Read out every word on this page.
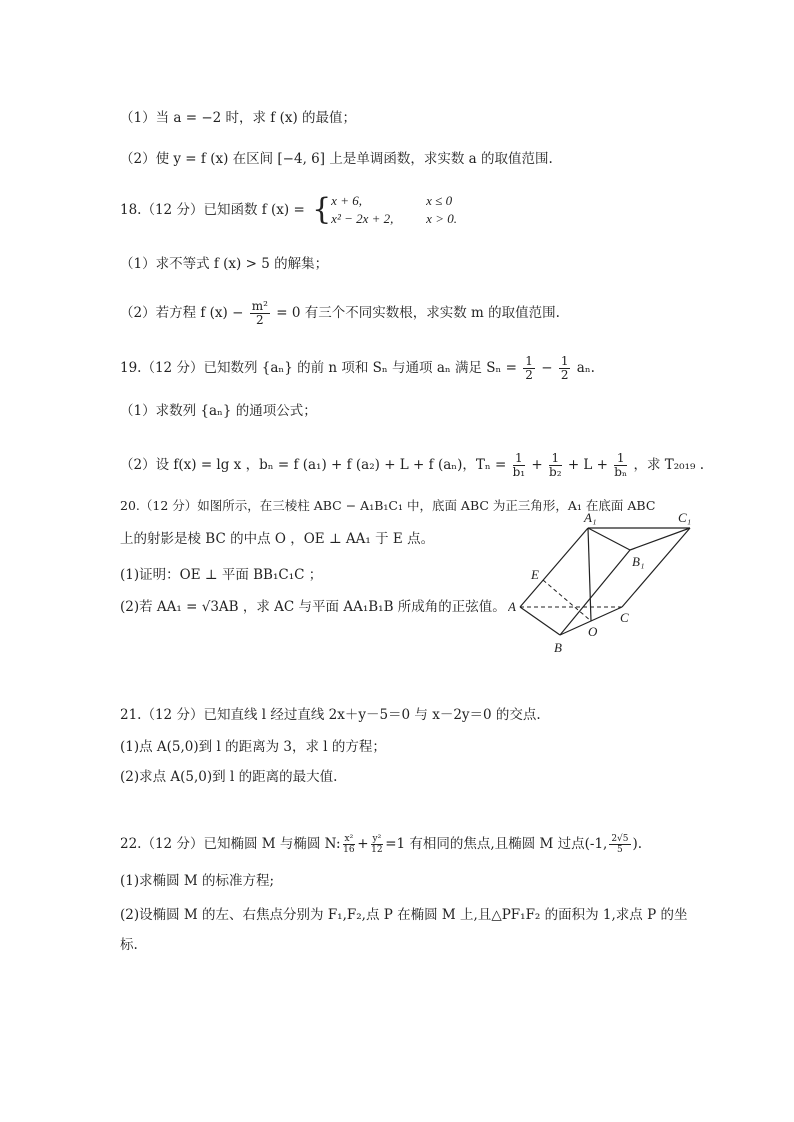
（1）当 a = −2 时，求 f (x) 的最值；
（2）使 y = f (x) 在区间 [−4, 6] 上是单调函数，求实数 a 的取值范围.
18.（12 分）已知函数 f (x) = { x + 6,	x ≤ 0
x² − 2x + 2,	x > 0.
（1）求不等式 f (x) > 5 的解集；
（2）若方程 f $(x) - \frac{\text{m²}}{2} = 0$ 有三个不同实数根，求实数 m 的取值范围.
19.（12 分）已知数列 {aₙ} 的前 n 项和 Sₙ 与通项 aₙ 满足 $S_n = \frac{1}{2} - \frac{1}{2} a_n$.
（1）求数列 {aₙ} 的通项公式；
（2）设 f(x) = lg x ，bₙ = f (a₁) + f (a₂) + L + f (aₙ)，$T_n = \frac{1}{\text{b₁}} + \frac{1}{\text{b₂}} + L + \frac{1}{\text{bₙ}}$ ，求 T₂₀₁₉ .
20.（12 分）如图所示，在三棱柱 ABC − A₁B₁C₁ 中，底面 ABC 为正三角形，A₁ 在底面 ABC
上的射影是棱 BC 的中点 O ，OE ⊥ AA₁ 于 E 点。
(1)证明：OE ⊥ 平面 BB₁C₁C ；
(2)若 AA₁ = √3AB ，求 AC 与平面 AA₁B₁B 所成角的正弦值。
A₁	C₁
B₁
E
A
O
C
B
21.（12 分）已知直线 l 经过直线 2x＋y－5＝0 与 x－2y＝0 的交点.
(1)点 A(5,0)到 l 的距离为 3，求 l 的方程；
(2)求点 A(5,0)到 l 的距离的最大值.
22.（12 分）已知椭圆 M 与椭圆 N: $\frac{\text{x²}}{16} + \frac{\text{y²}}{12} =1$ 有相同的焦点,且椭圆 M 过点(-1, $\frac{2√5}{5}$ ).
(1)求椭圆 M 的标准方程;
(2)设椭圆 M 的左、右焦点分别为 F₁,F₂,点 P 在椭圆 M 上,且△PF₁F₂ 的面积为 1,求点 P 的坐
标.
